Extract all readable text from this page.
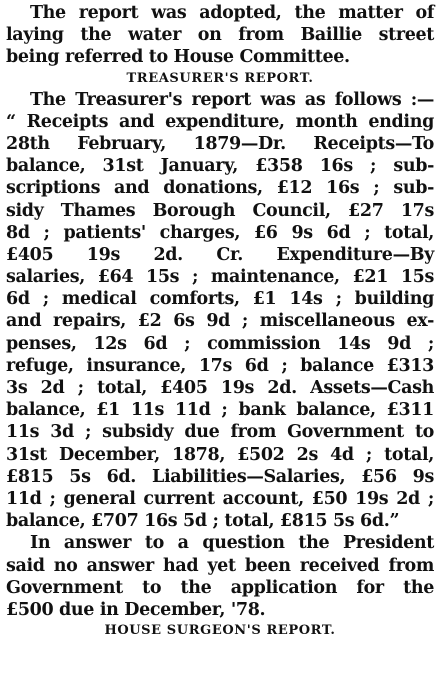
The report was adopted, the matter of
laying the water on from Baillie street
being referred to House Committee.
TREASURER'S REPORT.
The Treasurer's report was as follows :—
“ Receipts and expenditure, month ending
28th February, 1879—Dr. Receipts—To
balance, 31st January, £358 16s ; sub-
scriptions and donations, £12 16s ; sub-
sidy Thames Borough Council, £27 17s
8d ; patients' charges, £6 9s 6d ; total,
£405 19s 2d. Cr. Expenditure—By
salaries, £64 15s ; maintenance, £21 15s
6d ; medical comforts, £1 14s ; building
and repairs, £2 6s 9d ; miscellaneous ex-
penses, 12s 6d ; commission 14s 9d ;
refuge, insurance, 17s 6d ; balance £313
3s 2d ; total, £405 19s 2d. Assets—Cash
balance, £1 11s 11d ; bank balance, £311
11s 3d ; subsidy due from Government to
31st December, 1878, £502 2s 4d ; total,
£815 5s 6d. Liabilities—Salaries, £56 9s
11d ; general current account, £50 19s 2d ;
balance, £707 16s 5d ; total, £815 5s 6d.”
In answer to a question the President
said no answer had yet been received from
Government to the application for the
£500 due in December, '78.
HOUSE SURGEON'S REPORT.
